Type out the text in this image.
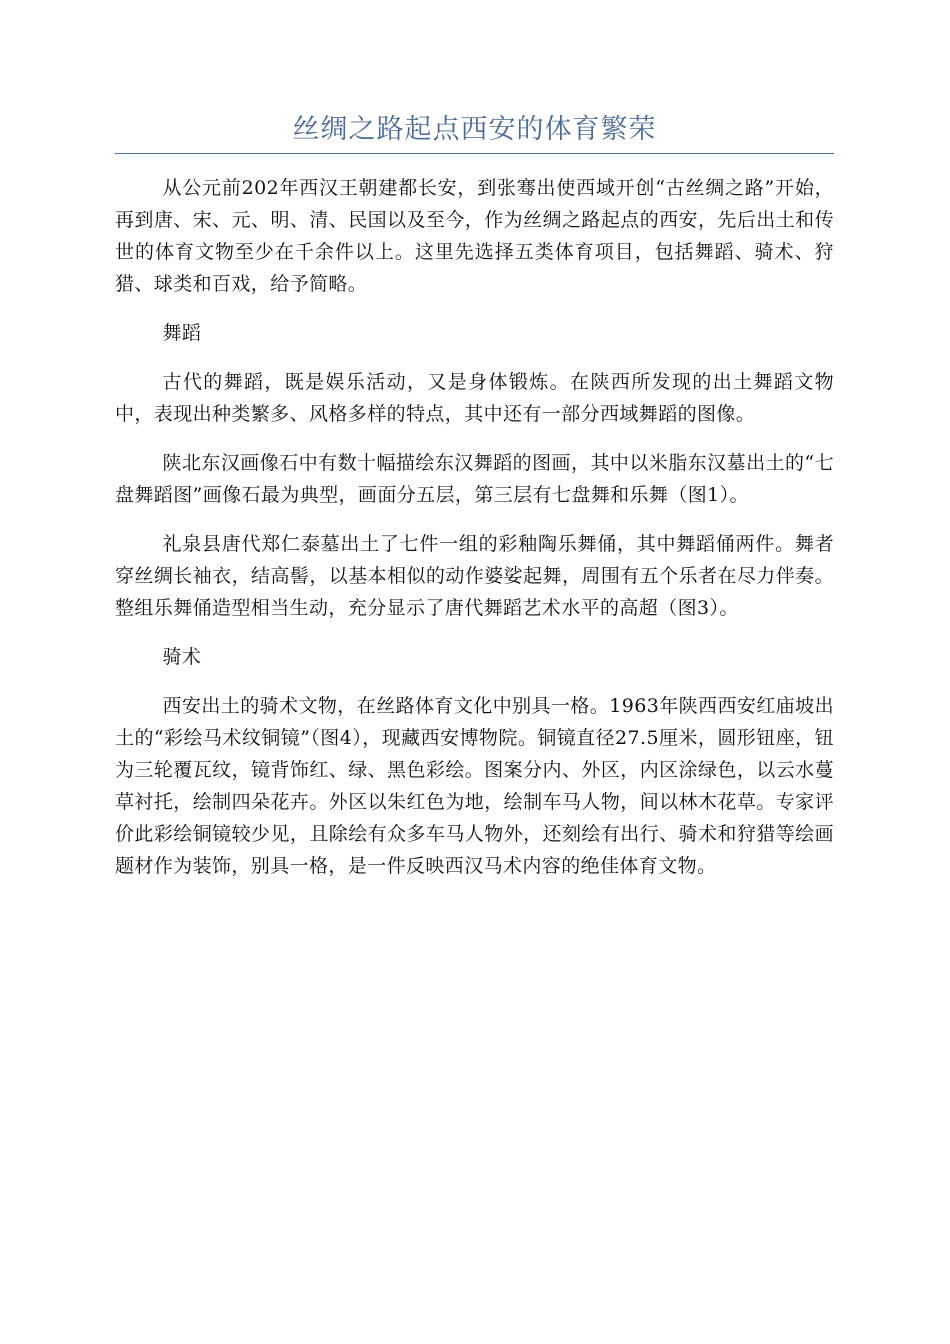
丝绸之路起点西安的体育繁荣

从公元前202年西汉王朝建都长安，到张骞出使西域开创“古丝绸之路”开始，再到唐、宋、元、明、清、民国以及至今，作为丝绸之路起点的西安，先后出土和传世的体育文物至少在千余件以上。这里先选择五类体育项目，包括舞蹈、骑术、狩猎、球类和百戏，给予简略。

舞蹈

古代的舞蹈，既是娱乐活动，又是身体锻炼。在陕西所发现的出土舞蹈文物中，表现出种类繁多、风格多样的特点，其中还有一部分西域舞蹈的图像。

陕北东汉画像石中有数十幅描绘东汉舞蹈的图画，其中以米脂东汉墓出土的“七盘舞蹈图”画像石最为典型，画面分五层，第三层有七盘舞和乐舞（图1）。

礼泉县唐代郑仁泰墓出土了七件一组的彩釉陶乐舞俑，其中舞蹈俑两件。舞者穿丝绸长袖衣，结高髻，以基本相似的动作婆娑起舞，周围有五个乐者在尽力伴奏。整组乐舞俑造型相当生动，充分显示了唐代舞蹈艺术水平的高超（图3）。

骑术

西安出土的骑术文物，在丝路体育文化中别具一格。1963年陕西西安红庙坡出土的“彩绘马术纹铜镜”（图4），现藏西安博物院。铜镜直径27.5厘米，圆形钮座，钮为三轮覆瓦纹，镜背饰红、绿、黑色彩绘。图案分内、外区，内区涂绿色，以云水蔓草衬托，绘制四朵花卉。外区以朱红色为地，绘制车马人物，间以林木花草。专家评价此彩绘铜镜较少见，且除绘有众多车马人物外，还刻绘有出行、骑术和狩猎等绘画题材作为装饰，别具一格，是一件反映西汉马术内容的绝佳体育文物。
